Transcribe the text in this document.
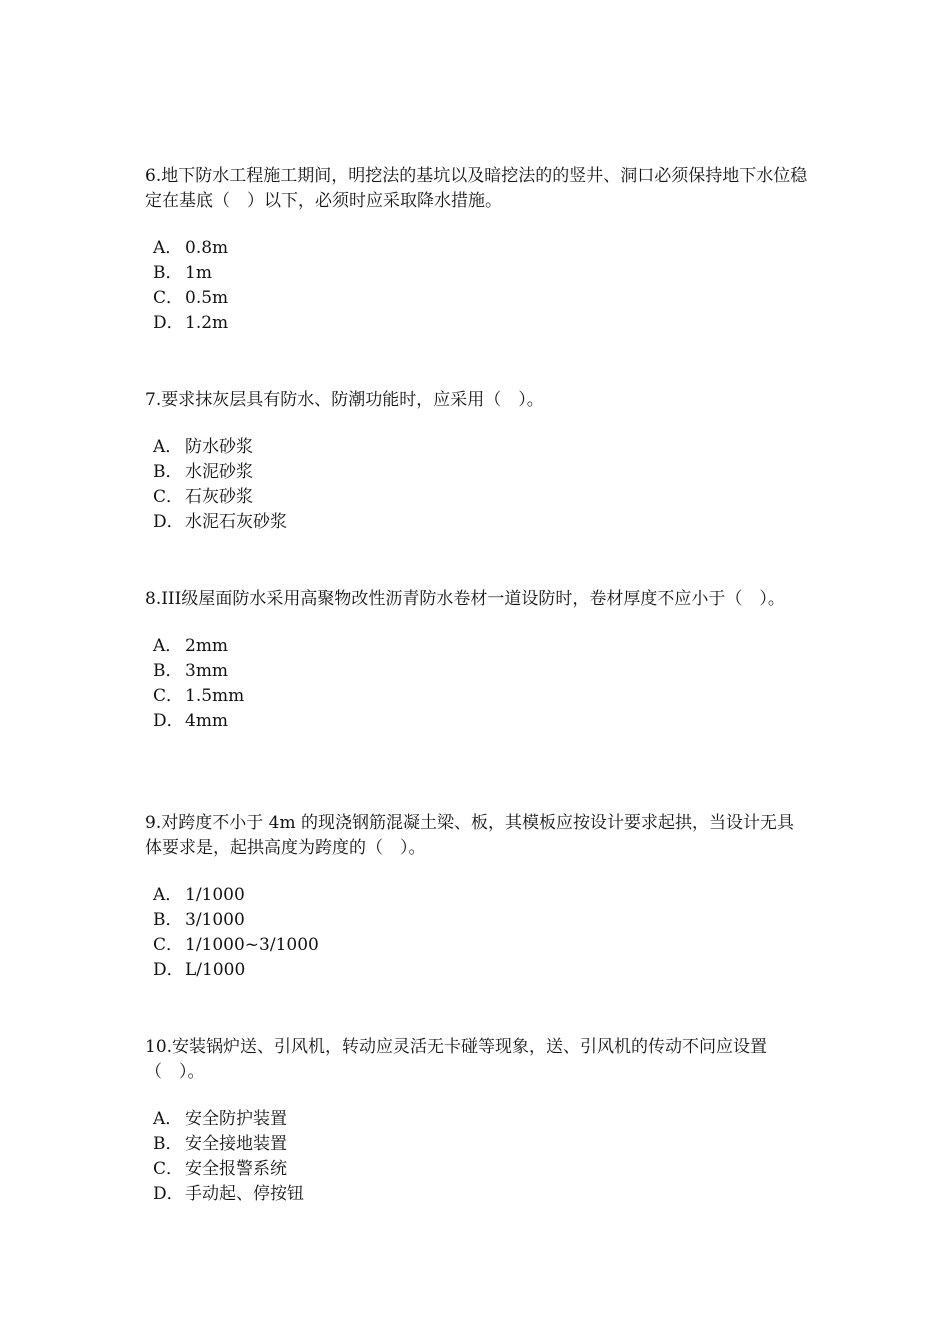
6.地下防水工程施工期间，明挖法的基坑以及暗挖法的的竖井、洞口必须保持地下水位稳定在基底（　）以下，必须时应采取降水措施。

A． 0.8m
B． 1m
C． 0.5m
D．1.2m

7.要求抹灰层具有防水、防潮功能时，应采用（　）。

A． 防水砂浆
B． 水泥砂浆
C． 石灰砂浆
D．水泥石灰砂浆

8.III级屋面防水采用高聚物改性沥青防水卷材一道设防时，卷材厚度不应小于（　）。

A． 2mm
B． 3mm
C． 1.5mm
D．4mm

9.对跨度不小于 4m 的现浇钢筋混凝土梁、板，其模板应按设计要求起拱，当设计无具体要求是，起拱高度为跨度的（　）。

A． 1/1000
B． 3/1000
C． 1/1000~3/1000
D．L/1000

10.安装锅炉送、引风机，转动应灵活无卡碰等现象，送、引风机的传动不问应设置（　）。

A． 安全防护装置
B． 安全接地装置
C． 安全报警系统
D．手动起、停按钮
